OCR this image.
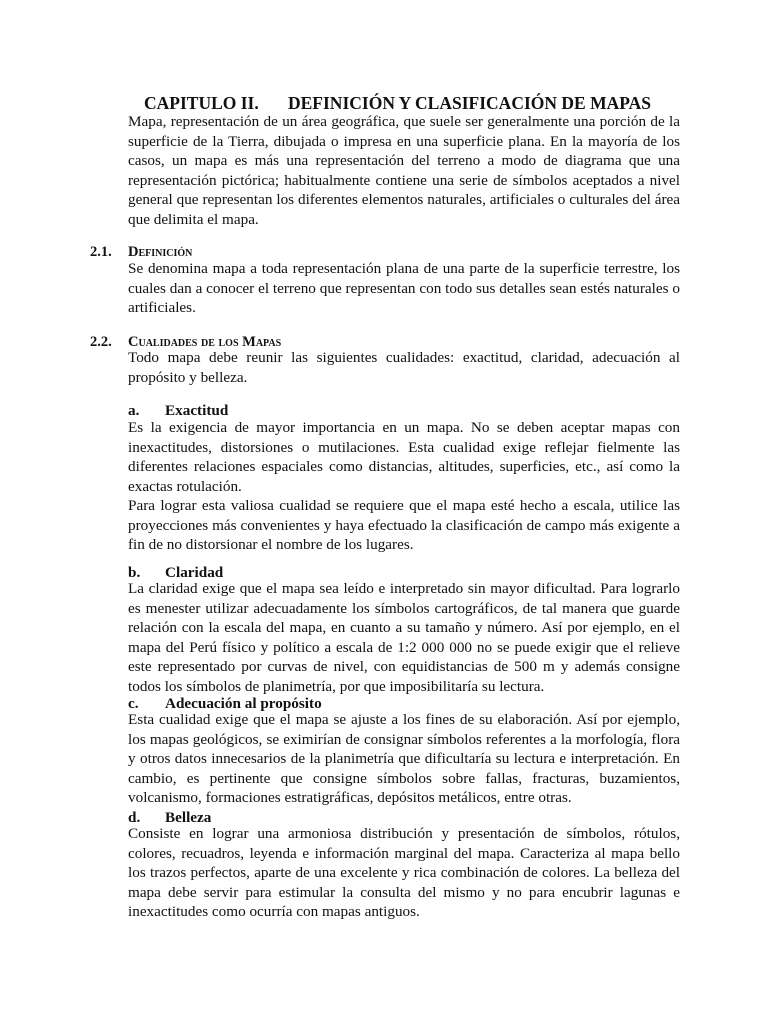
CAPITULO II. DEFINICIÓN Y CLASIFICACIÓN DE MAPAS

Mapa, representación de un área geográfica, que suele ser generalmente una porción de la superficie de la Tierra, dibujada o impresa en una superficie plana. En la mayoría de los casos, un mapa es más una representación del terreno a modo de diagrama que una representación pictórica; habitualmente contiene una serie de símbolos aceptados a nivel general que representan los diferentes elementos naturales, artificiales o culturales del área que delimita el mapa.

2.1. Definición

Se denomina mapa a toda representación plana de una parte de la superficie terrestre, los cuales dan a conocer el terreno que representan con todo sus detalles sean estés naturales o artificiales.

2.2. Cualidades de los Mapas

Todo mapa debe reunir las siguientes cualidades: exactitud, claridad, adecuación al propósito y belleza.

a. Exactitud

Es la exigencia de mayor importancia en un mapa. No se deben aceptar mapas con inexactitudes, distorsiones o mutilaciones. Esta cualidad exige reflejar fielmente las diferentes relaciones espaciales como distancias, altitudes, superficies, etc., así como la exactas rotulación.

Para lograr esta valiosa cualidad se requiere que el mapa esté hecho a escala, utilice las proyecciones más convenientes y haya efectuado la clasificación de campo más exigente a fin de no distorsionar el nombre de los lugares.

b. Claridad

La claridad exige que el mapa sea leído e interpretado sin mayor dificultad. Para lograrlo es menester utilizar adecuadamente los símbolos cartográficos, de tal manera que guarde relación con la escala del mapa, en cuanto a su tamaño y número. Así por ejemplo, en el mapa del Perú físico y político a escala de 1:2 000 000 no se puede exigir que el relieve este representado por curvas de nivel, con equidistancias de 500 m y además consigne todos los símbolos de planimetría, por que imposibilitaría su lectura.

c. Adecuación al propósito

Esta cualidad exige que el mapa se ajuste a los fines de su elaboración. Así por ejemplo, los mapas geológicos, se eximirían de consignar símbolos referentes a la morfología, flora y otros datos innecesarios de la planimetría que dificultaría su lectura e interpretación. En cambio, es pertinente que consigne símbolos sobre fallas, fracturas, buzamientos, volcanismo, formaciones estratigráficas, depósitos metálicos, entre otras.

d. Belleza

Consiste en lograr una armoniosa distribución y presentación de símbolos, rótulos, colores, recuadros, leyenda e información marginal del mapa. Caracteriza al mapa bello los trazos perfectos, aparte de una excelente y rica combinación de colores. La belleza del mapa debe servir para estimular la consulta del mismo y no para encubrir lagunas e inexactitudes como ocurría con mapas antiguos.
